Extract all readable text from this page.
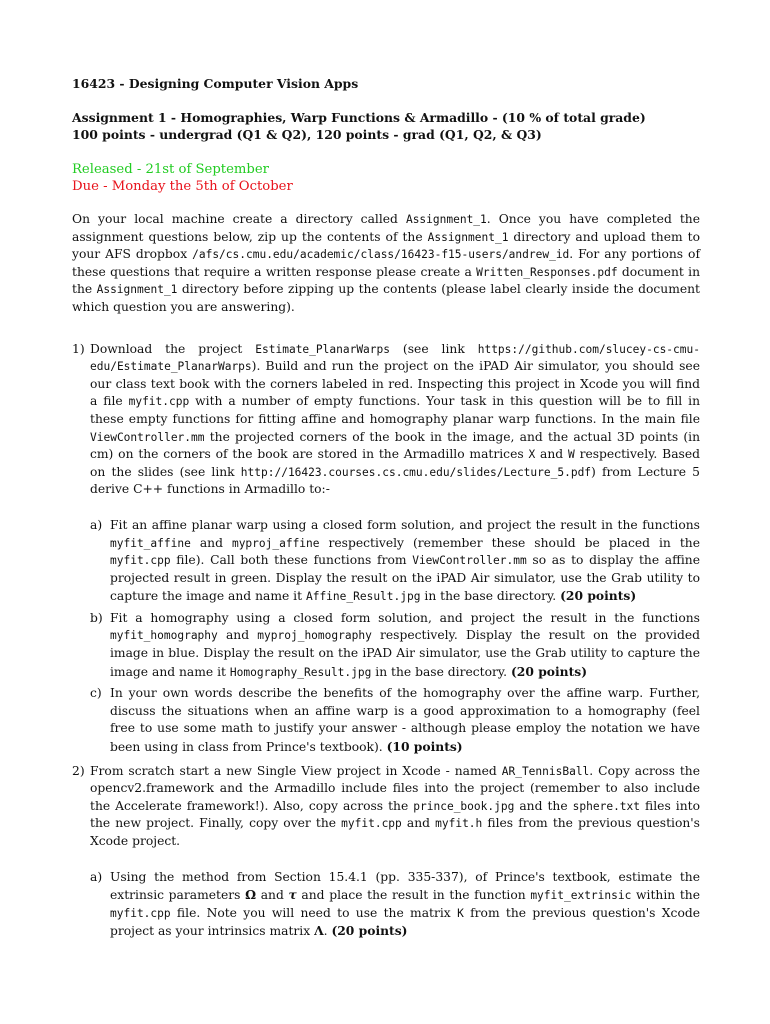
16423 - Designing Computer Vision Apps
Assignment 1 - Homographies, Warp Functions & Armadillo - (10 % of total grade)
100 points - undergrad (Q1 & Q2), 120 points - grad (Q1, Q2, & Q3)
Released - 21st of September
Due - Monday the 5th of October

On your local machine create a directory called Assignment_1. Once you have completed the assignment questions below, zip up the contents of the Assignment_1 directory and upload them to your AFS dropbox /afs/cs.cmu.edu/academic/class/16423-f15-users/andrew_id. For any portions of these questions that require a written response please create a Written_Responses.pdf document in the Assignment_1 directory before zipping up the contents (please label clearly inside the document which question you are answering).

1) Download the project Estimate_PlanarWarps (see link https://github.com/slucey-cs-cmu-edu/Estimate_PlanarWarps). Build and run the project on the iPAD Air simulator, you should see our class text book with the corners labeled in red. Inspecting this project in Xcode you will find a file myfit.cpp with a number of empty functions. Your task in this question will be to fill in these empty functions for fitting affine and homography planar warp functions. In the main file ViewController.mm the projected corners of the book in the image, and the actual 3D points (in cm) on the corners of the book are stored in the Armadillo matrices X and W respectively. Based on the slides (see link http://16423.courses.cs.cmu.edu/slides/Lecture_5.pdf) from Lecture 5 derive C++ functions in Armadillo to:-
a) Fit an affine planar warp using a closed form solution, and project the result in the functions myfit_affine and myproj_affine respectively (remember these should be placed in the myfit.cpp file). Call both these functions from ViewController.mm so as to display the affine projected result in green. Display the result on the iPAD Air simulator, use the Grab utility to capture the image and name it Affine_Result.jpg in the base directory. (20 points)
b) Fit a homography using a closed form solution, and project the result in the functions myfit_homography and myproj_homography respectively. Display the result on the provided image in blue. Display the result on the iPAD Air simulator, use the Grab utility to capture the image and name it Homography_Result.jpg in the base directory. (20 points)
c) In your own words describe the benefits of the homography over the affine warp. Further, discuss the situations when an affine warp is a good approximation to a homography (feel free to use some math to justify your answer - although please employ the notation we have been using in class from Prince's textbook). (10 points)
2) From scratch start a new Single View project in Xcode - named AR_TennisBall. Copy across the opencv2.framework and the Armadillo include files into the project (remember to also include the Accelerate framework!). Also, copy across the prince_book.jpg and the sphere.txt files into the new project. Finally, copy over the myfit.cpp and myfit.h files from the previous question's Xcode project.
a) Using the method from Section 15.4.1 (pp. 335-337), of Prince's textbook, estimate the extrinsic parameters Ω and τ and place the result in the function myfit_extrinsic within the myfit.cpp file. Note you will need to use the matrix K from the previous question's Xcode project as your intrinsics matrix Λ. (20 points)
